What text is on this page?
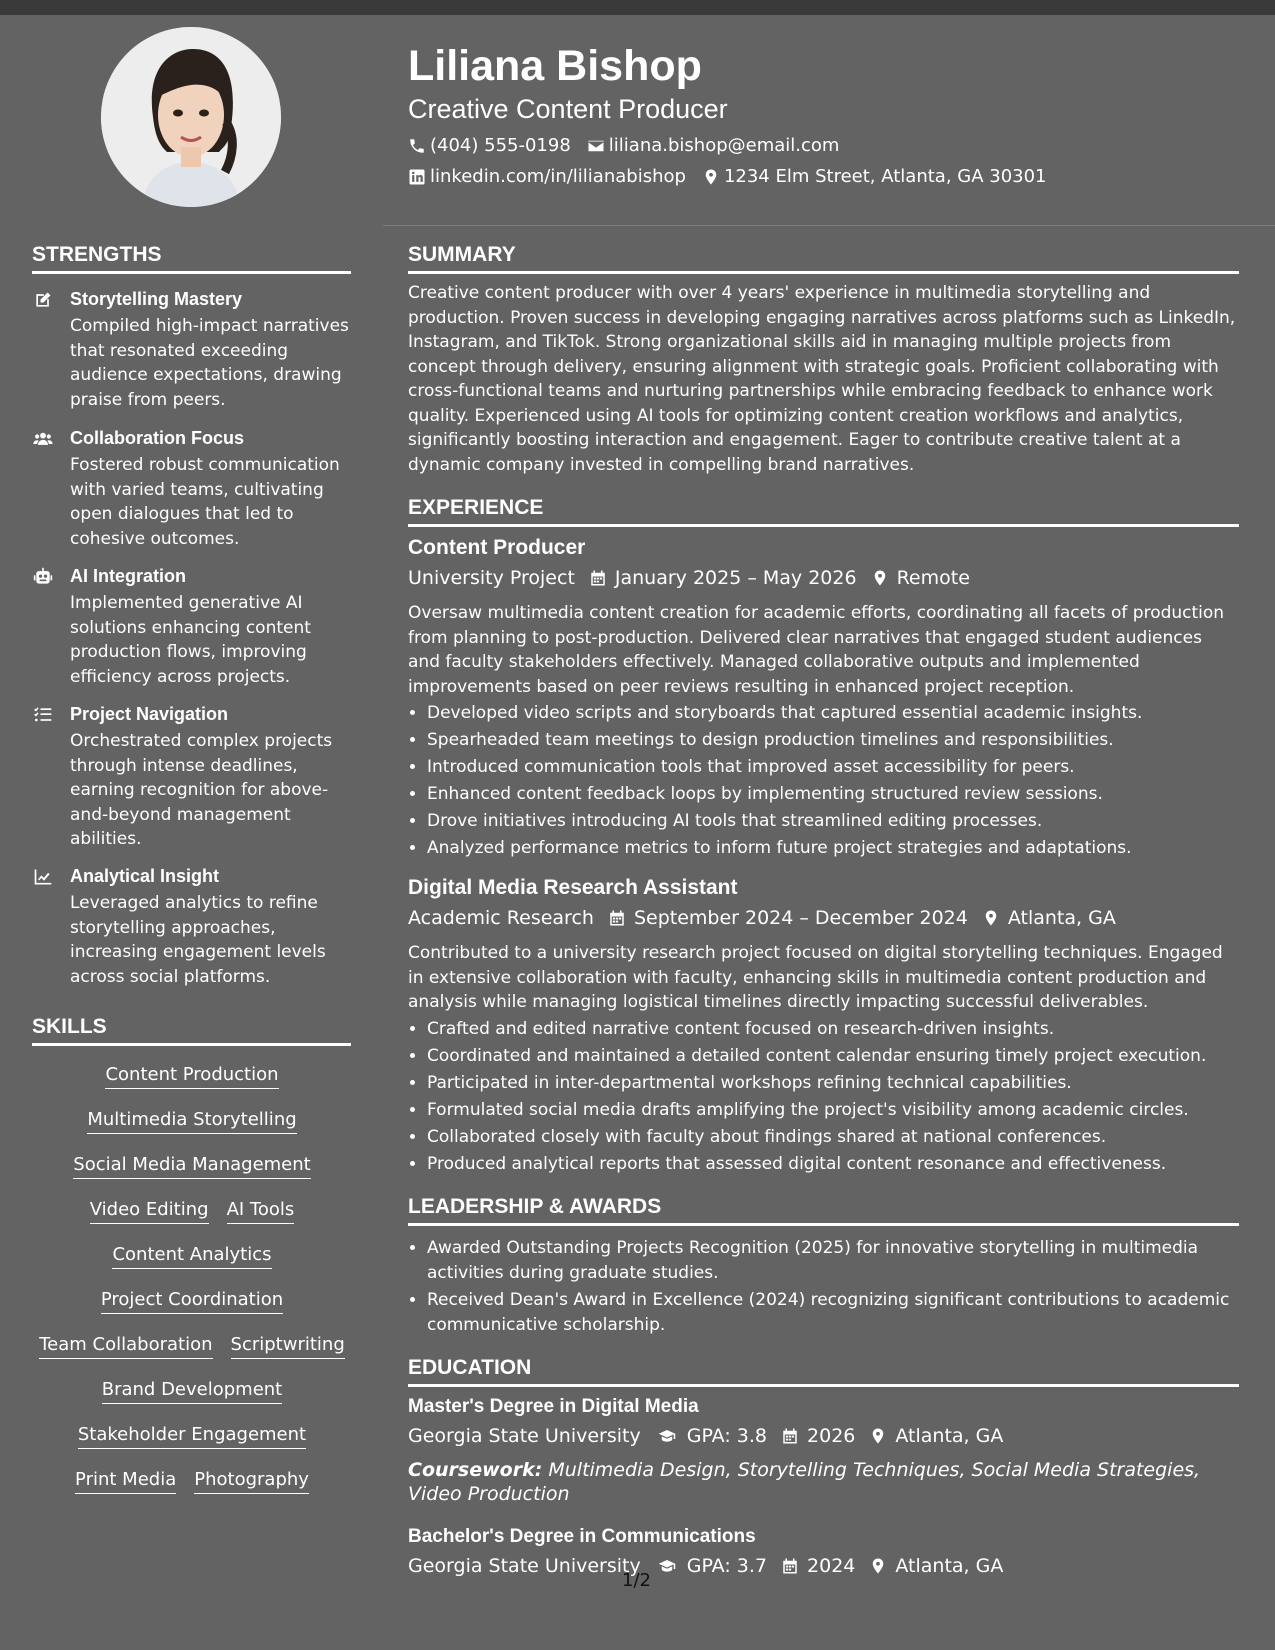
Liliana Bishop
Creative Content Producer
(404) 555-0198 liliana.bishop@email.com
linkedin.com/in/lilianabishop 1234 Elm Street, Atlanta, GA 30301
STRENGTHS
Storytelling Mastery
Compiled high-impact narratives that resonated exceeding audience expectations, drawing praise from peers.
Collaboration Focus
Fostered robust communication with varied teams, cultivating open dialogues that led to cohesive outcomes.
AI Integration
Implemented generative AI solutions enhancing content production flows, improving efficiency across projects.
Project Navigation
Orchestrated complex projects through intense deadlines, earning recognition for above-and-beyond management abilities.
Analytical Insight
Leveraged analytics to refine storytelling approaches, increasing engagement levels across social platforms.
SKILLS
Content Production
Multimedia Storytelling
Social Media Management
Video Editing AI Tools
Content Analytics
Project Coordination
Team Collaboration Scriptwriting
Brand Development
Stakeholder Engagement
Print Media Photography
SUMMARY
Creative content producer with over 4 years' experience in multimedia storytelling and production. Proven success in developing engaging narratives across platforms such as LinkedIn, Instagram, and TikTok. Strong organizational skills aid in managing multiple projects from concept through delivery, ensuring alignment with strategic goals. Proficient collaborating with cross-functional teams and nurturing partnerships while embracing feedback to enhance work quality. Experienced using AI tools for optimizing content creation workflows and analytics, significantly boosting interaction and engagement. Eager to contribute creative talent at a dynamic company invested in compelling brand narratives.
EXPERIENCE
Content Producer
University Project January 2025 – May 2026 Remote
Oversaw multimedia content creation for academic efforts, coordinating all facets of production from planning to post-production. Delivered clear narratives that engaged student audiences and faculty stakeholders effectively. Managed collaborative outputs and implemented improvements based on peer reviews resulting in enhanced project reception.
• Developed video scripts and storyboards that captured essential academic insights.
• Spearheaded team meetings to design production timelines and responsibilities.
• Introduced communication tools that improved asset accessibility for peers.
• Enhanced content feedback loops by implementing structured review sessions.
• Drove initiatives introducing AI tools that streamlined editing processes.
• Analyzed performance metrics to inform future project strategies and adaptations.
Digital Media Research Assistant
Academic Research September 2024 – December 2024 Atlanta, GA
Contributed to a university research project focused on digital storytelling techniques. Engaged in extensive collaboration with faculty, enhancing skills in multimedia content production and analysis while managing logistical timelines directly impacting successful deliverables.
• Crafted and edited narrative content focused on research-driven insights.
• Coordinated and maintained a detailed content calendar ensuring timely project execution.
• Participated in inter-departmental workshops refining technical capabilities.
• Formulated social media drafts amplifying the project's visibility among academic circles.
• Collaborated closely with faculty about findings shared at national conferences.
• Produced analytical reports that assessed digital content resonance and effectiveness.
LEADERSHIP & AWARDS
• Awarded Outstanding Projects Recognition (2025) for innovative storytelling in multimedia activities during graduate studies.
• Received Dean's Award in Excellence (2024) recognizing significant contributions to academic communicative scholarship.
EDUCATION
Master's Degree in Digital Media
Georgia State University GPA: 3.8 2026 Atlanta, GA
Coursework: Multimedia Design, Storytelling Techniques, Social Media Strategies, Video Production
Bachelor's Degree in Communications
Georgia State University GPA: 3.7 2024 Atlanta, GA
1/2
